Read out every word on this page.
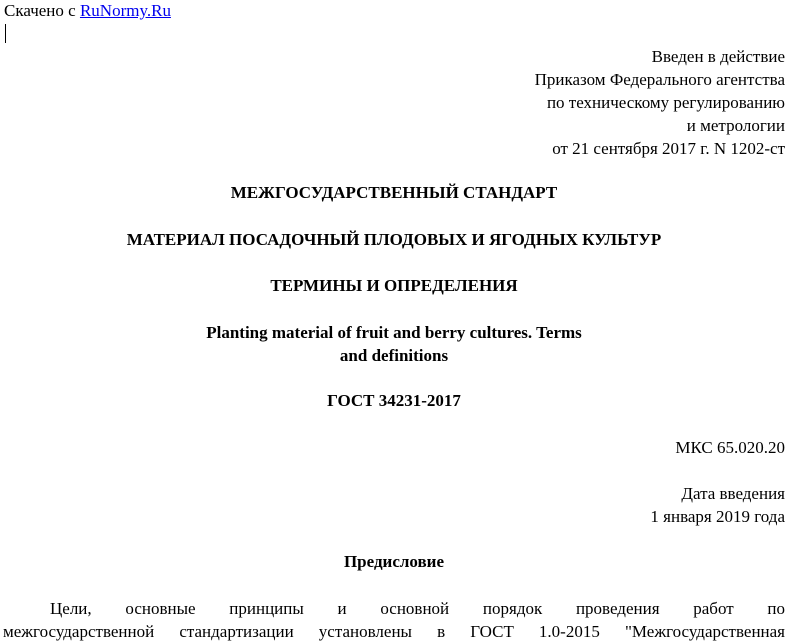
Скачено с RuNormy.Ru
Введен в действие
Приказом Федерального агентства
по техническому регулированию
и метрологии
от 21 сентября 2017 г. N 1202-ст
МЕЖГОСУДАРСТВЕННЫЙ СТАНДАРТ
МАТЕРИАЛ ПОСАДОЧНЫЙ ПЛОДОВЫХ И ЯГОДНЫХ КУЛЬТУР
ТЕРМИНЫ И ОПРЕДЕЛЕНИЯ
Planting material of fruit and berry cultures. Terms
and definitions
ГОСТ 34231-2017
МКС 65.020.20
Дата введения
1 января 2019 года
Предисловие
Цели, основные принципы и основной порядок проведения работ по
межгосударственной стандартизации установлены в ГОСТ 1.0-2015 "Межгосударственная
